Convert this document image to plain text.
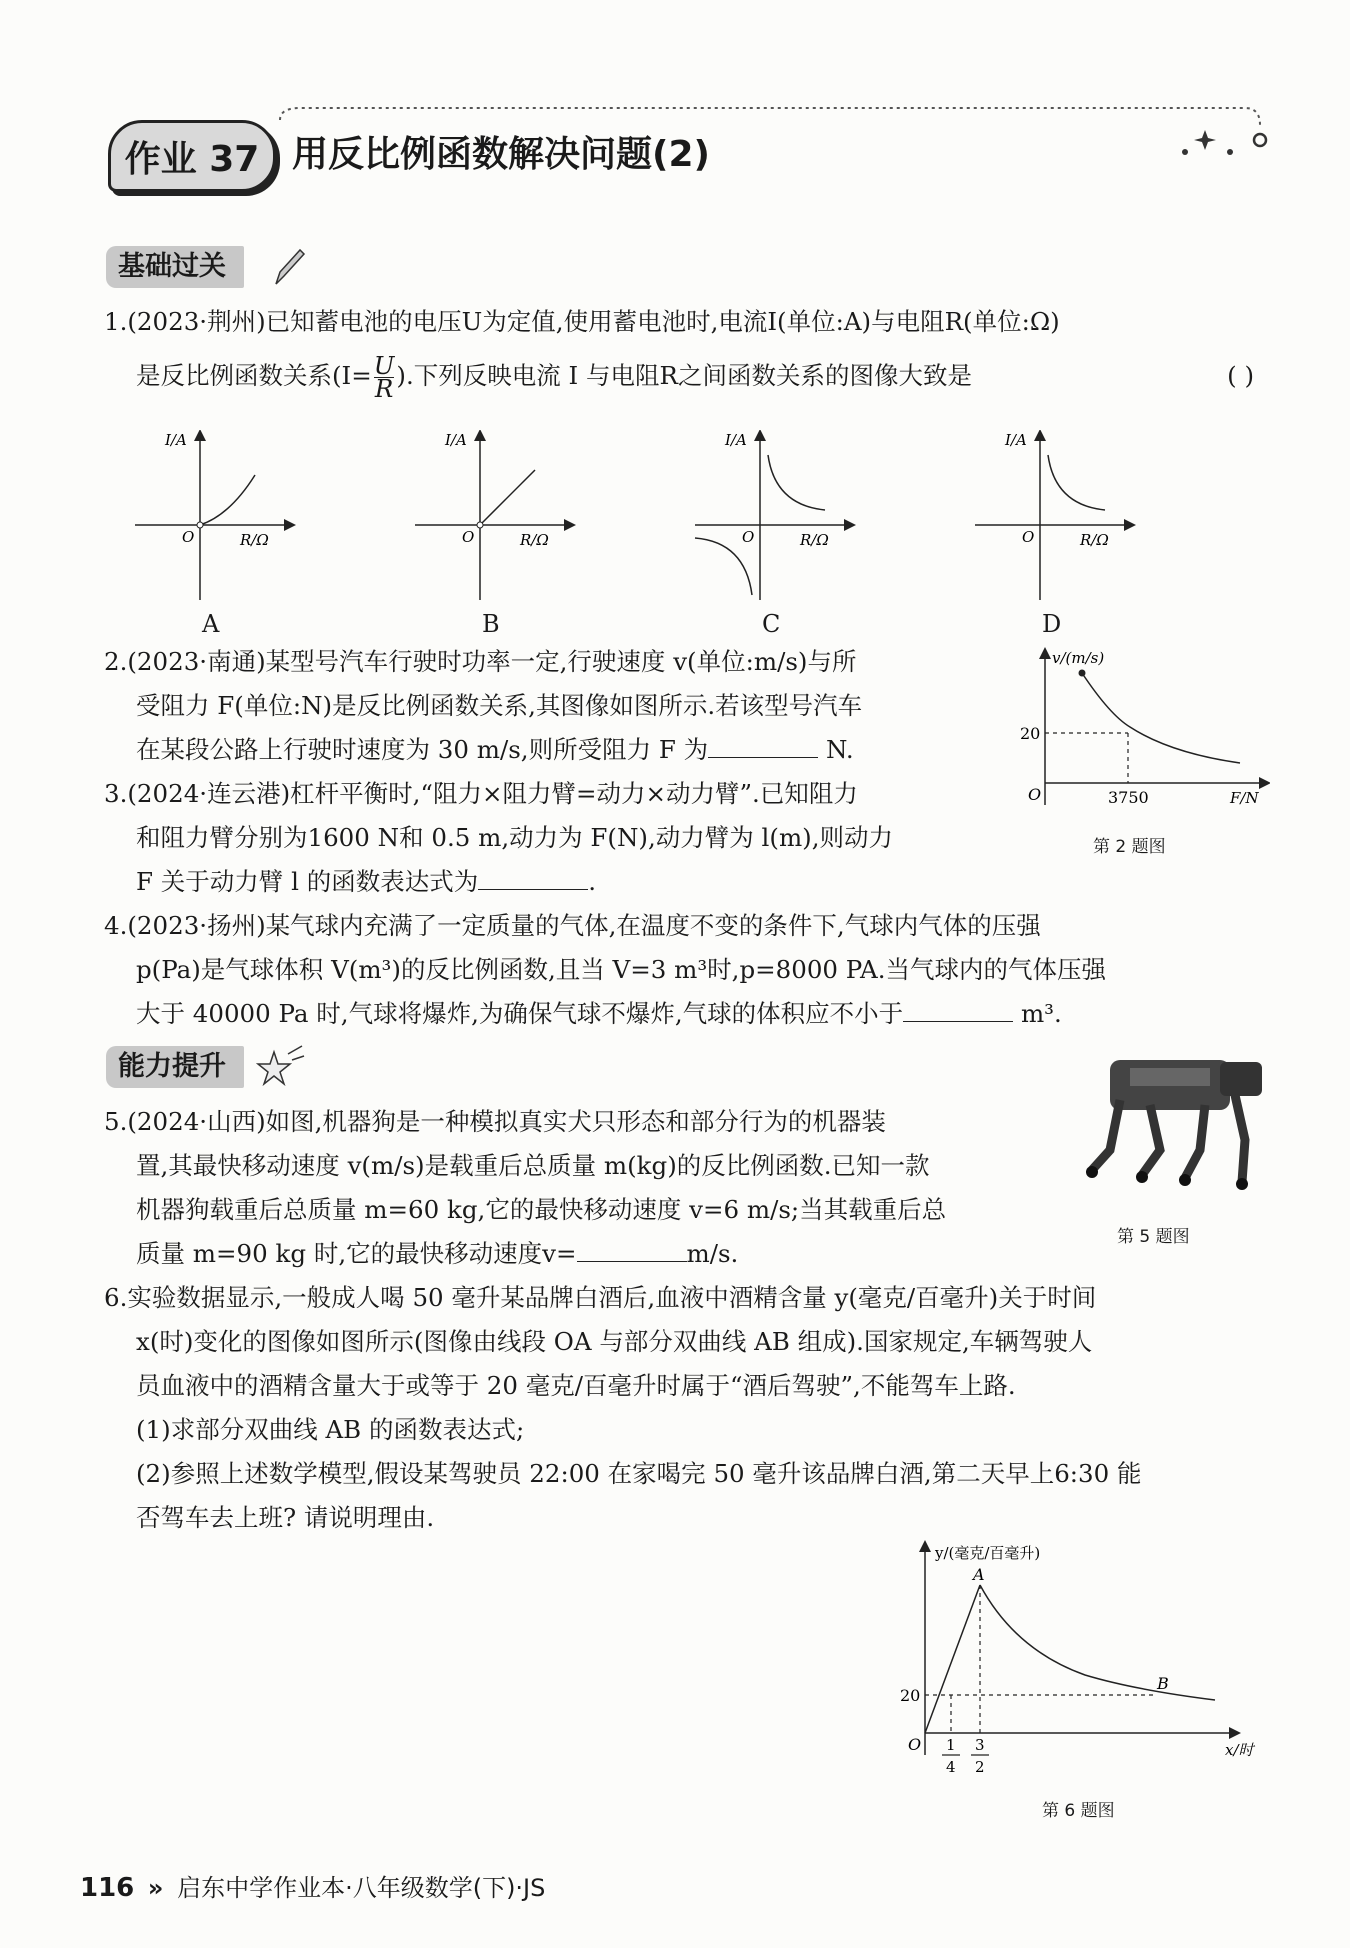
作业 37 用反比例函数解决问题(2)
基础过关
1.(2023·荆州)已知蓄电池的电压U为定值,使用蓄电池时,电流I(单位:A)与电阻R(单位:Ω)
是反比例函数关系($I= \frac{U}{R}$ ).下列反映电流 I 与电阻R之间函数关系的图像大致是	( )
I/A
R/Ω
O
A
I/A
R/Ω
O
B
I/A
R/Ω
O
C
I/A
R/Ω
O
D
2.(2023·南通)某型号汽车行驶时功率一定,行驶速度 v(单位:m/s)与所
受阻力 F(单位:N)是反比例函数关系,其图像如图所示.若该型号汽车
在某段公路上行驶时速度为 30 m/s,则所受阻力 F 为	N.
v/(m/s)
20
3750	F/N
O
第 2 题图
3.(2024·连云港)杠杆平衡时,“阻力×阻力臂=动力×动力臂”.已知阻力
和阻力臂分别为1600 N和 0.5 m,动力为 F(N),动力臂为 l(m),则动力
F 关于动力臂 l 的函数表达式为	.
4.(2023·扬州)某气球内充满了一定质量的气体,在温度不变的条件下,气球内气体的压强
p(Pa)是气球体积 V(m³)的反比例函数,且当 V=3 m³时,p=8000 PA.当气球内的气体压强
大于 40000 Pa 时,气球将爆炸,为确保气球不爆炸,气球的体积应不小于	m³.
能力提升
5.(2024·山西)如图,机器狗是一种模拟真实犬只形态和部分行为的机器装
置,其最快移动速度 v(m/s)是载重后总质量 m(kg)的反比例函数.已知一款
机器狗载重后总质量 m=60 kg,它的最快移动速度 v=6 m/s;当其载重后总
质量 m=90 kg 时,它的最快移动速度v=	m/s.
第 5 题图
6.实验数据显示,一般成人喝 50 毫升某品牌白酒后,血液中酒精含量 y(毫克/百毫升)关于时间
x(时)变化的图像如图所示(图像由线段 OA 与部分双曲线 AB 组成).国家规定,车辆驾驶人
员血液中的酒精含量大于或等于 20 毫克/百毫升时属于“酒后驾驶”,不能驾车上路.
(1)求部分双曲线 AB 的函数表达式;
(2)参照上述数学模型,假设某驾驶员 22:00 在家喝完 50 毫升该品牌白酒,第二天早上6:30 能
否驾车去上班? 请说明理由.
y/(毫克/百毫升)
A
B
20
O 1
4
3
2
x/时
第 6 题图
116 » 启东中学作业本·八年级数学(下)·JS
